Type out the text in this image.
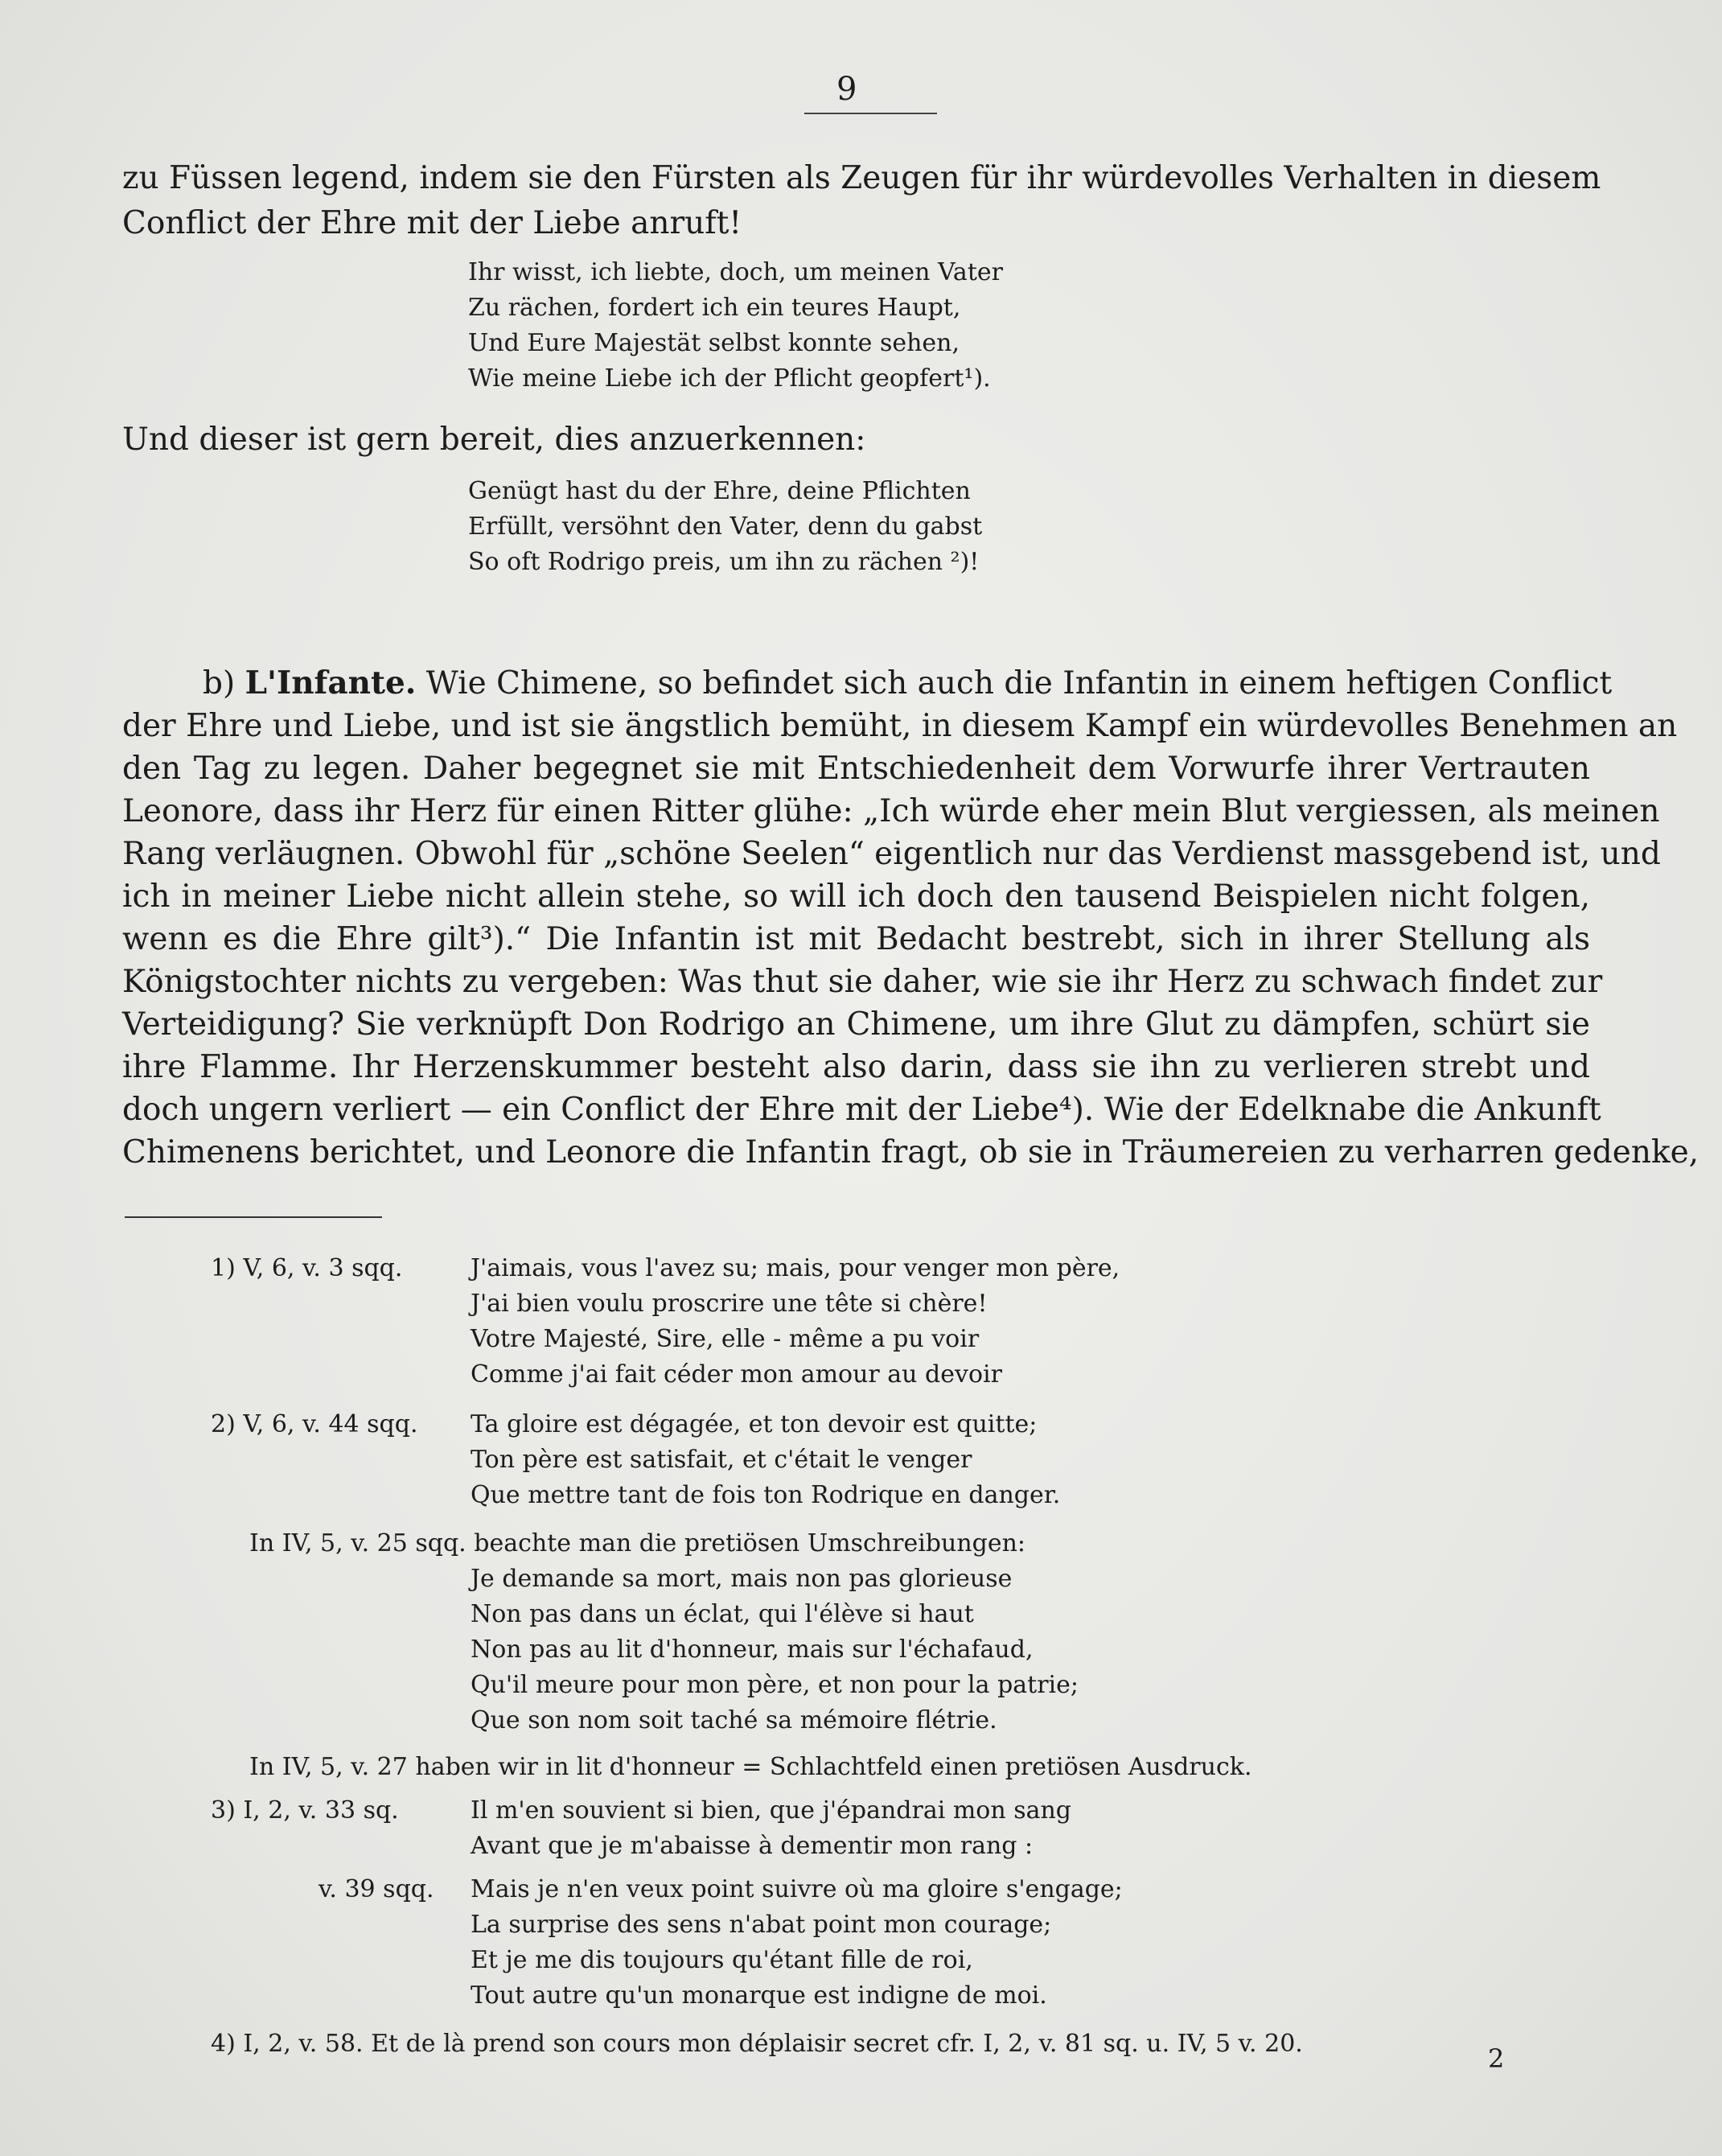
9
zu Füssen legend, indem sie den Fürsten als Zeugen für ihr würdevolles Verhalten in diesem
Conflict der Ehre mit der Liebe anruft!
Ihr wisst, ich liebte, doch, um meinen Vater
Zu rächen, fordert ich ein teures Haupt,
Und Eure Majestät selbst konnte sehen,
Wie meine Liebe ich der Pflicht geopfert¹).
Und dieser ist gern bereit, dies anzuerkennen:
Genügt hast du der Ehre, deine Pflichten
Erfüllt, versöhnt den Vater, denn du gabst
So oft Rodrigo preis, um ihn zu rächen ²)!
b) L'Infante. Wie Chimene, so befindet sich auch die Infantin in einem heftigen Conflict
der Ehre und Liebe, und ist sie ängstlich bemüht, in diesem Kampf ein würdevolles Benehmen an
den Tag zu legen. Daher begegnet sie mit Entschiedenheit dem Vorwurfe ihrer Vertrauten
Leonore, dass ihr Herz für einen Ritter glühe: „Ich würde eher mein Blut vergiessen, als meinen
Rang verläugnen. Obwohl für „schöne Seelen“ eigentlich nur das Verdienst massgebend ist, und
ich in meiner Liebe nicht allein stehe, so will ich doch den tausend Beispielen nicht folgen,
wenn es die Ehre gilt³).“ Die Infantin ist mit Bedacht bestrebt, sich in ihrer Stellung als
Königstochter nichts zu vergeben: Was thut sie daher, wie sie ihr Herz zu schwach findet zur
Verteidigung? Sie verknüpft Don Rodrigo an Chimene, um ihre Glut zu dämpfen, schürt sie
ihre Flamme. Ihr Herzenskummer besteht also darin, dass sie ihn zu verlieren strebt und
doch ungern verliert — ein Conflict der Ehre mit der Liebe⁴). Wie der Edelknabe die Ankunft
Chimenens berichtet, und Leonore die Infantin fragt, ob sie in Träumereien zu verharren gedenke,
1) V, 6, v. 3 sqq.	J'aimais, vous l'avez su; mais, pour venger mon père,
J'ai bien voulu proscrire une tête si chère!
Votre Majesté, Sire, elle - même a pu voir
Comme j'ai fait céder mon amour au devoir
2) V, 6, v. 44 sqq. Ta gloire est dégagée, et ton devoir est quitte;
Ton père est satisfait, et c'était le venger
Que mettre tant de fois ton Rodrique en danger.
In IV, 5, v. 25 sqq. beachte man die pretiösen Umschreibungen:
Je demande sa mort, mais non pas glorieuse
Non pas dans un éclat, qui l'élève si haut
Non pas au lit d'honneur, mais sur l'échafaud,
Qu'il meure pour mon père, et non pour la patrie;
Que son nom soit taché sa mémoire flétrie.
In IV, 5, v. 27 haben wir in lit d'honneur = Schlachtfeld einen pretiösen Ausdruck.
3) I, 2, v. 33 sq.	Il m'en souvient si bien, que j'épandrai mon sang
Avant que je m'abaisse à dementir mon rang :
v. 39 sqq. Mais je n'en veux point suivre où ma gloire s'engage;
La surprise des sens n'abat point mon courage;
Et je me dis toujours qu'étant fille de roi,
Tout autre qu'un monarque est indigne de moi.
4) I, 2, v. 58. Et de là prend son cours mon déplaisir secret cfr. I, 2, v. 81 sq. u. IV, 5 v. 20.	2
